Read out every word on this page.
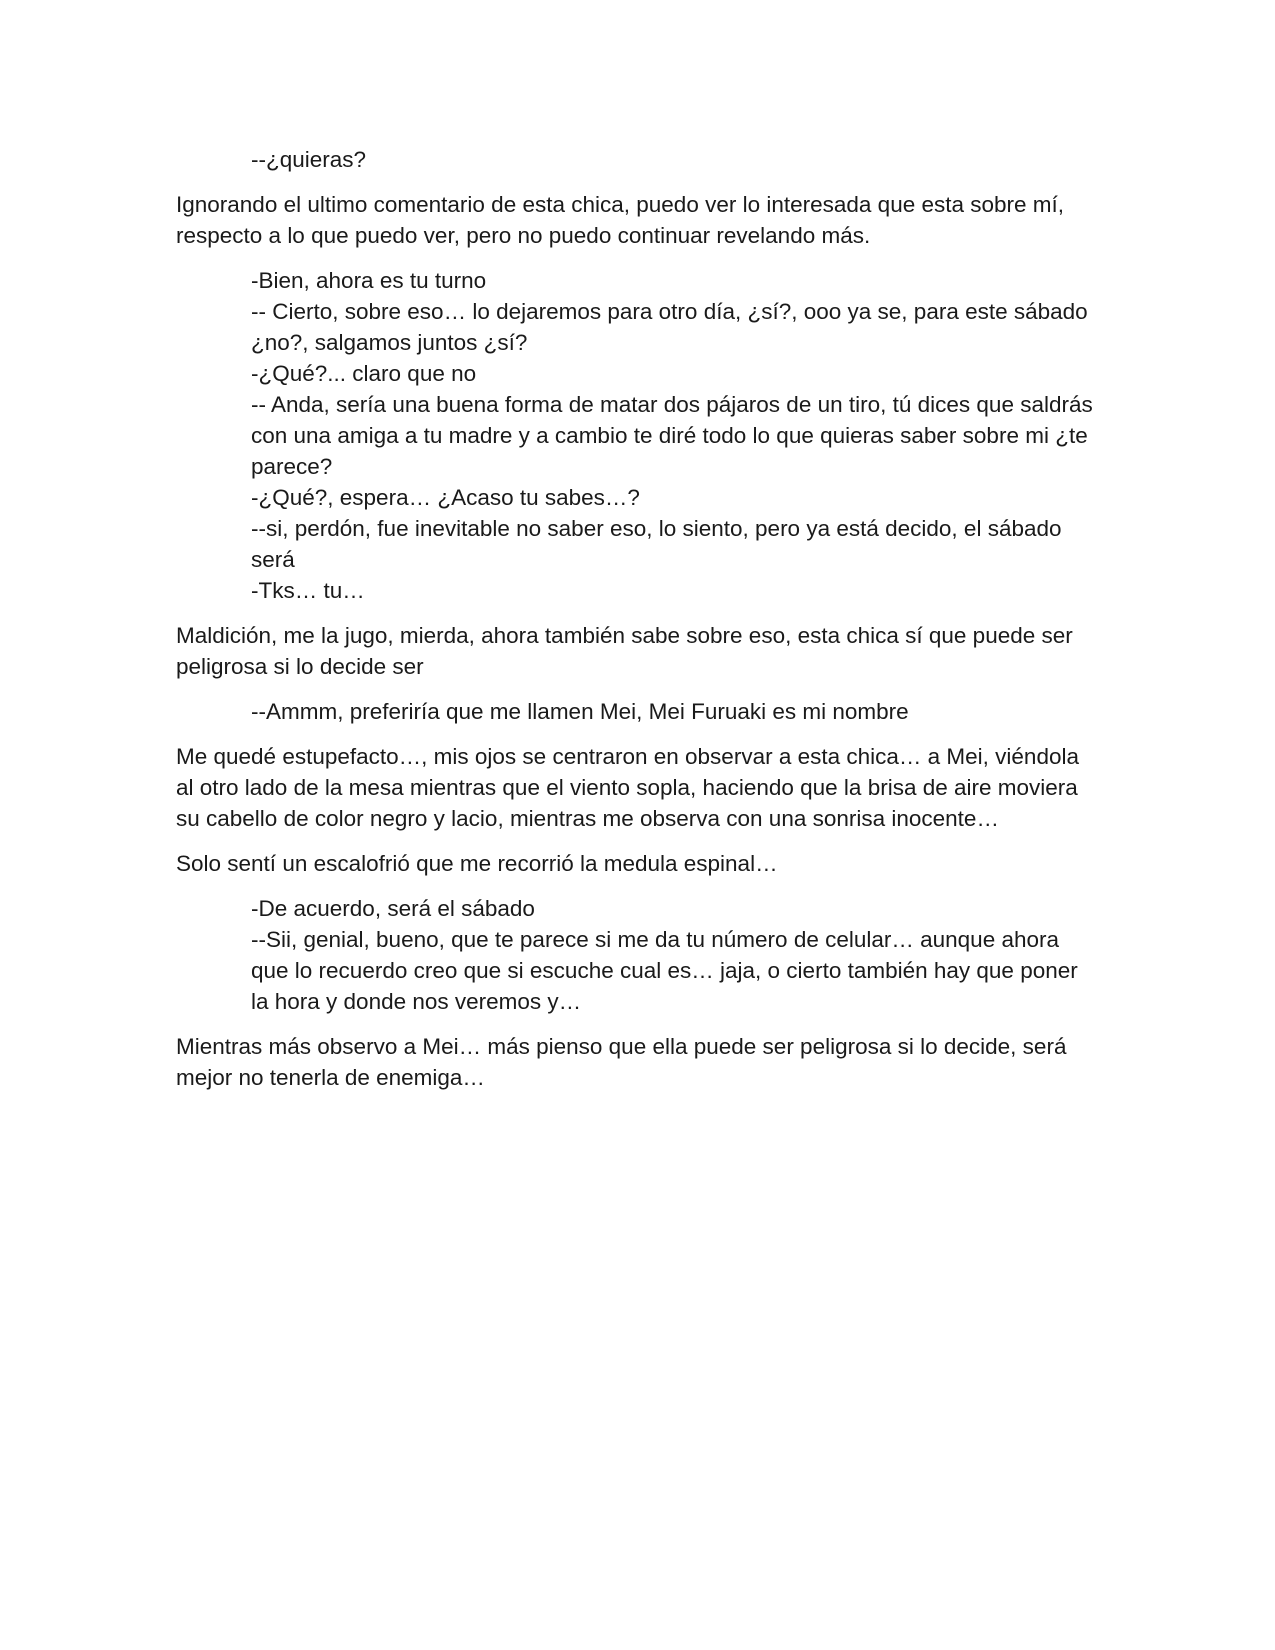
--¿quieras?

Ignorando el ultimo comentario de esta chica, puedo ver lo interesada que esta sobre mí, respecto a lo que puedo ver, pero no puedo continuar revelando más.

-Bien, ahora es tu turno

-- Cierto, sobre eso… lo dejaremos para otro día, ¿sí?, ooo ya se, para este sábado ¿no?, salgamos juntos ¿sí?

-¿Qué?... claro que no

-- Anda, sería una buena forma de matar dos pájaros de un tiro, tú dices que saldrás con una amiga a tu madre y a cambio te diré todo lo que quieras saber sobre mi ¿te parece?

-¿Qué?, espera… ¿Acaso tu sabes…?

--si, perdón, fue inevitable no saber eso, lo siento, pero ya está decido, el sábado será

-Tks… tu…

Maldición, me la jugo, mierda, ahora también sabe sobre eso, esta chica sí que puede ser peligrosa si lo decide ser

--Ammm, preferiría que me llamen Mei, Mei Furuaki es mi nombre

Me quedé estupefacto…, mis ojos se centraron en observar a esta chica… a Mei, viéndola al otro lado de la mesa mientras que el viento sopla, haciendo que la brisa de aire moviera su cabello de color negro y lacio, mientras me observa con una sonrisa inocente…

Solo sentí un escalofrió que me recorrió la medula espinal…

-De acuerdo, será el sábado

--Sii, genial, bueno, que te parece si me da tu número de celular… aunque ahora que lo recuerdo creo que si escuche cual es… jaja, o cierto también hay que poner la hora y donde nos veremos y…

Mientras más observo a Mei… más pienso que ella puede ser peligrosa si lo decide, será mejor no tenerla de enemiga…
